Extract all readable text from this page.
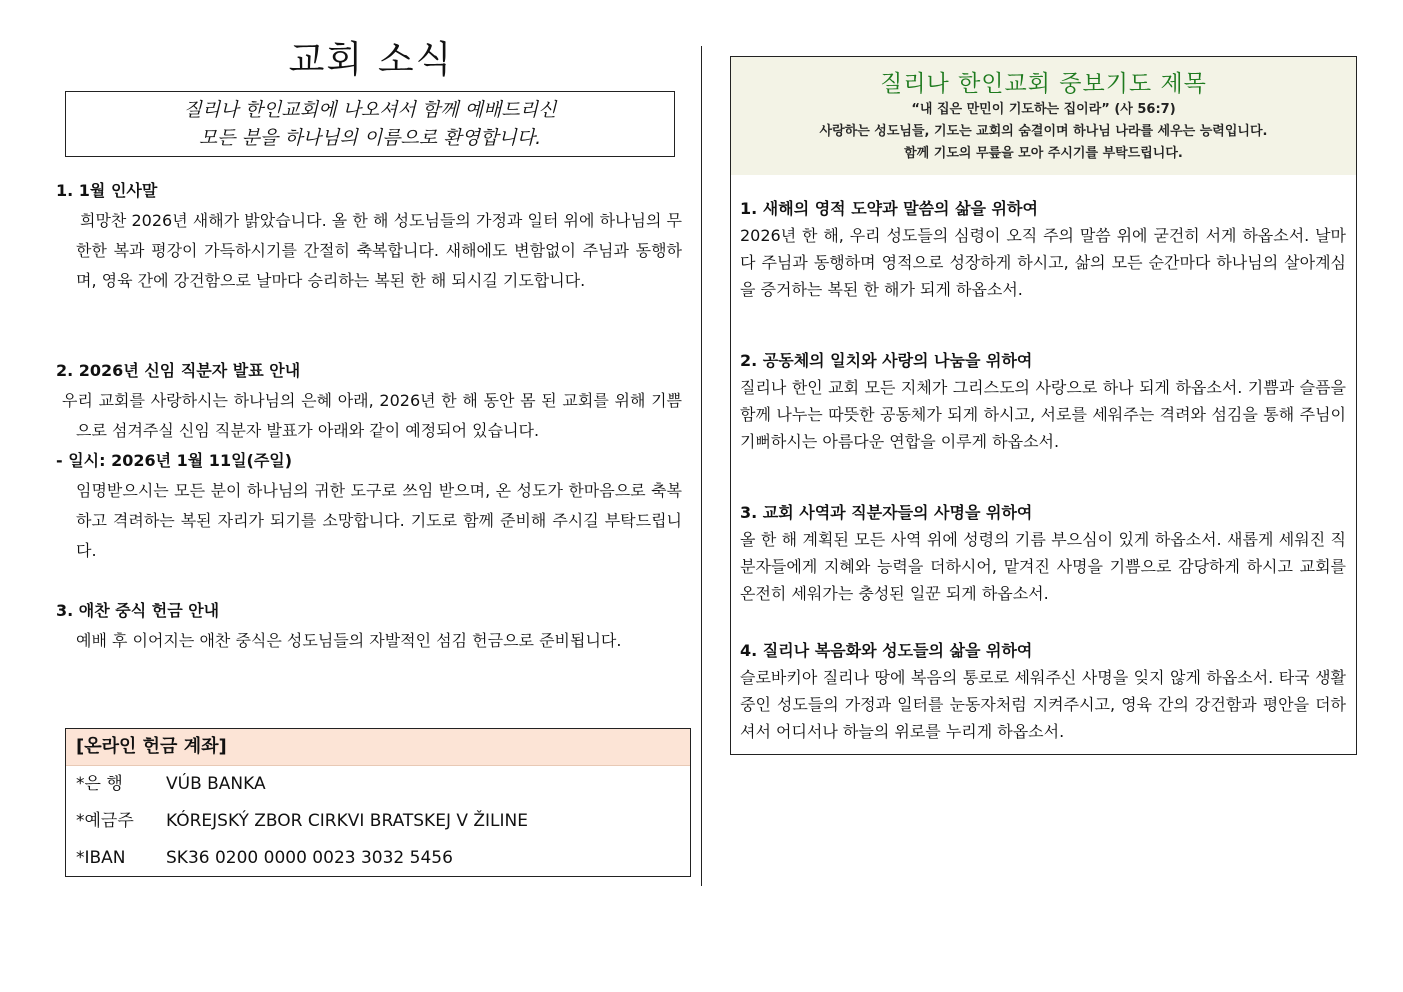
교회 소식
질리나 한인교회에 나오셔서 함께 예배드리신
모든 분을 하나님의 이름으로 환영합니다.
1. 1월 인사말
희망찬 2026년 새해가 밝았습니다. 올 한 해 성도님들의 가정과 일터 위에 하나님의 무한한 복과 평강이 가득하시기를 간절히 축복합니다. 새해에도 변함없이 주님과 동행하며, 영육 간에 강건함으로 날마다 승리하는 복된 한 해 되시길 기도합니다.
2. 2026년 신임 직분자 발표 안내
우리 교회를 사랑하시는 하나님의 은혜 아래, 2026년 한 해 동안 몸 된 교회를 위해 기쁨으로 섬겨주실 신임 직분자 발표가 아래와 같이 예정되어 있습니다.
- 일시: 2026년 1월 11일(주일)
임명받으시는 모든 분이 하나님의 귀한 도구로 쓰임 받으며, 온 성도가 한마음으로 축복하고 격려하는 복된 자리가 되기를 소망합니다. 기도로 함께 준비해 주시길 부탁드립니다.
3. 애찬 중식 헌금 안내
예배 후 이어지는 애찬 중식은 성도님들의 자발적인 섬김 헌금으로 준비됩니다.
[온라인 헌금 계좌]
*은 행	VÚB BANKA
*예금주 KÓREJSKÝ ZBOR CIRKVI BRATSKEJ V ŽILINE
*IBAN SK36 0200 0000 0023 3032 5456
질리나 한인교회 중보기도 제목
“내 집은 만민이 기도하는 집이라” (사 56:7)
사랑하는 성도님들, 기도는 교회의 숨결이며 하나님 나라를 세우는 능력입니다.
함께 기도의 무릎을 모아 주시기를 부탁드립니다.
1. 새해의 영적 도약과 말씀의 삶을 위하여

2026년 한 해, 우리 성도들의 심령이 오직 주의 말씀 위에 굳건히 서게 하옵소서. 날마다 주님과 동행하며 영적으로 성장하게 하시고, 삶의 모든 순간마다 하나님의 살아계심을 증거하는 복된 한 해가 되게 하옵소서.

2. 공동체의 일치와 사랑의 나눔을 위하여

질리나 한인 교회 모든 지체가 그리스도의 사랑으로 하나 되게 하옵소서. 기쁨과 슬픔을 함께 나누는 따뜻한 공동체가 되게 하시고, 서로를 세워주는 격려와 섬김을 통해 주님이 기뻐하시는 아름다운 연합을 이루게 하옵소서.

3. 교회 사역과 직분자들의 사명을 위하여

올 한 해 계획된 모든 사역 위에 성령의 기름 부으심이 있게 하옵소서. 새롭게 세워진 직분자들에게 지혜와 능력을 더하시어, 맡겨진 사명을 기쁨으로 감당하게 하시고 교회를 온전히 세워가는 충성된 일꾼 되게 하옵소서.

4. 질리나 복음화와 성도들의 삶을 위하여

슬로바키아 질리나 땅에 복음의 통로로 세워주신 사명을 잊지 않게 하옵소서. 타국 생활 중인 성도들의 가정과 일터를 눈동자처럼 지켜주시고, 영육 간의 강건함과 평안을 더하셔서 어디서나 하늘의 위로를 누리게 하옵소서.
